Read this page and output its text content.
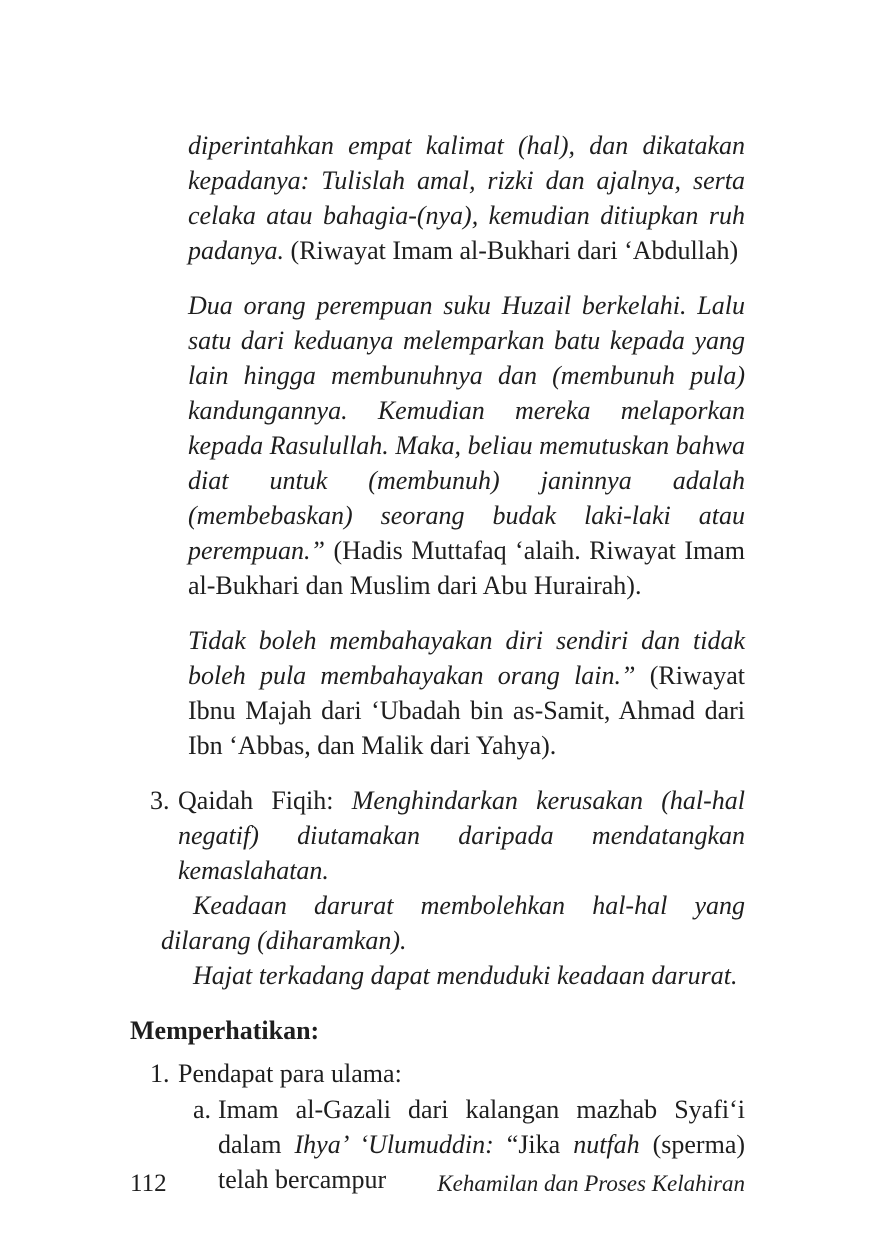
diperintahkan empat kalimat (hal), dan dikatakan kepadanya: Tulislah amal, rizki dan ajalnya, serta celaka atau bahagia-(nya), kemudian ditiupkan ruh padanya. (Riwayat Imam al-Bukhari dari ‘Abdullah)

Dua orang perempuan suku Huzail berkelahi. Lalu satu dari keduanya melemparkan batu kepada yang lain hingga membunuhnya dan (membunuh pula) kandungannya. Kemudian mereka melaporkan kepada Rasulullah. Maka, beliau memutuskan bahwa diat untuk (membunuh) janinnya adalah (membebaskan) seorang budak laki-laki atau perempuan.” (Hadis Muttafaq ‘alaih. Riwayat Imam al-Bukhari dan Muslim dari Abu Hurairah).

Tidak boleh membahayakan diri sendiri dan tidak boleh pula membahayakan orang lain.” (Riwayat Ibnu Majah dari ‘Ubadah bin as-Samit, Ahmad dari Ibn ‘Abbas, dan Malik dari Yahya).

3. Qaidah Fiqih: Menghindarkan kerusakan (hal-hal negatif) diutamakan daripada mendatangkan kemaslahatan.

Keadaan darurat membolehkan hal-hal yang dilarang (diharamkan).

Hajat terkadang dapat menduduki keadaan darurat.

Memperhatikan:
1. Pendapat para ulama:
a. Imam al-Gazali dari kalangan mazhab Syafi‘i dalam Ihya’ ‘Ulumuddin: “Jika nutfah (sperma) telah bercampur
112	Kehamilan dan Proses Kelahiran
